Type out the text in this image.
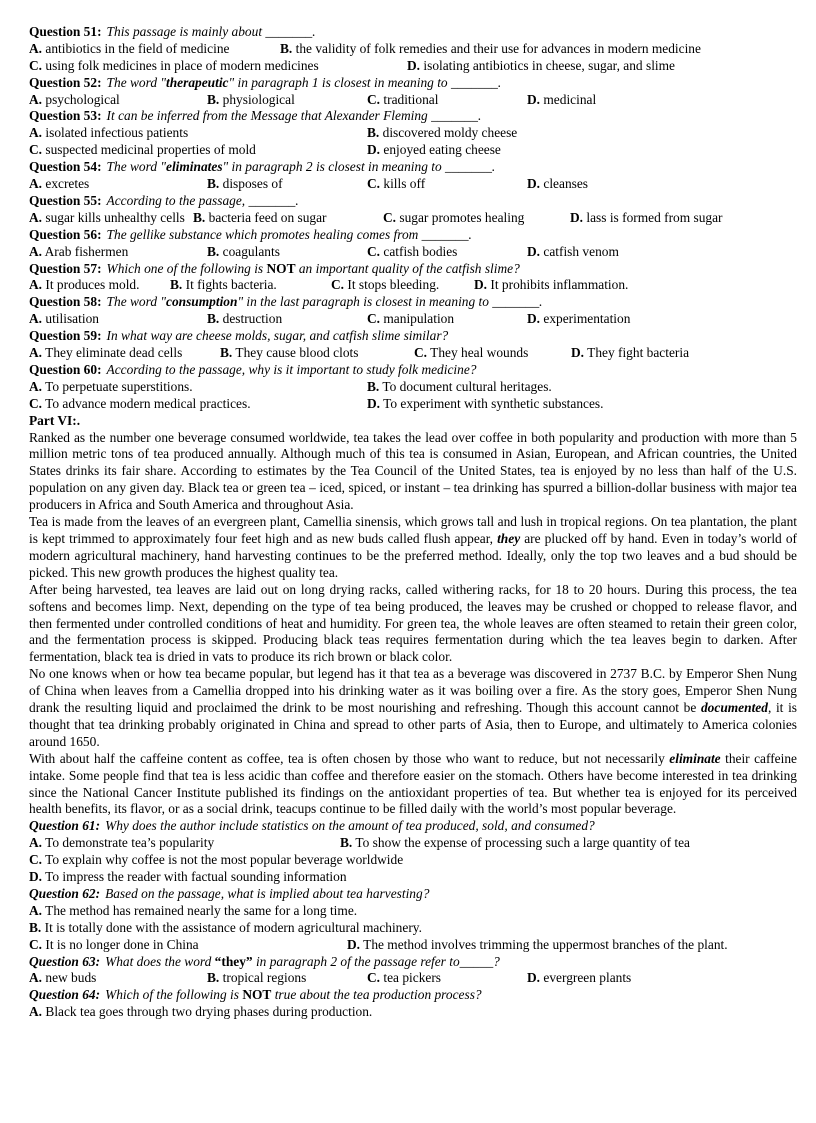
Question 51: This passage is mainly about _______.
A. antibiotics in the field of medicine	B. the validity of folk remedies and their use for advances in modern medicine
C. using folk medicines in place of modern medicines	D. isolating antibiotics in cheese, sugar, and slime
Question 52: The word "therapeutic" in paragraph 1 is closest in meaning to _______.
A. psychological	B. physiological	C. traditional	D. medicinal
Question 53: It can be inferred from the Message that Alexander Fleming _______.
A. isolated infectious patients	B. discovered moldy cheese
C. suspected medicinal properties of mold	D. enjoyed eating cheese
Question 54: The word "eliminates" in paragraph 2 is closest in meaning to _______.
A. excretes	B. disposes of	C. kills off	D. cleanses
Question 55: According to the passage, _______.
A. sugar kills unhealthy cells B. bacteria feed on sugar	C. sugar promotes healing	D. lass is formed from sugar
Question 56: The gellike substance which promotes healing comes from _______.
A. Arab fishermen	B. coagulants	C. catfish bodies	D. catfish venom
Question 57: Which one of the following is NOT an important quality of the catfish slime?
A. It produces mold. B. It fights bacteria.	C. It stops bleeding.	D. It prohibits inflammation.
Question 58: The word "consumption" in the last paragraph is closest in meaning to _______.
A. utilisation	B. destruction	C. manipulation	D. experimentation
Question 59: In what way are cheese molds, sugar, and catfish slime similar?
A. They eliminate dead cells	B. They cause blood clots	C. They heal wounds	D. They fight bacteria
Question 60: According to the passage, why is it important to study folk medicine?
A. To perpetuate superstitions.	B. To document cultural heritages.
C. To advance modern medical practices.	D. To experiment with synthetic substances.
Part VI:.

Ranked as the number one beverage consumed worldwide, tea takes the lead over coffee in both popularity and production with more than 5 million metric tons of tea produced annually. Although much of this tea is consumed in Asian, European, and African countries, the United States drinks its fair share. According to estimates by the Tea Council of the United States, tea is enjoyed by no less than half of the U.S. population on any given day. Black tea or green tea – iced, spiced, or instant – tea drinking has spurred a billion-dollar business with major tea producers in Africa and South America and throughout Asia.

Tea is made from the leaves of an evergreen plant, Camellia sinensis, which grows tall and lush in tropical regions. On tea plantation, the plant is kept trimmed to approximately four feet high and as new buds called flush appear, they are plucked off by hand. Even in today’s world of modern agricultural machinery, hand harvesting continues to be the preferred method. Ideally, only the top two leaves and a bud should be picked. This new growth produces the highest quality tea.

After being harvested, tea leaves are laid out on long drying racks, called withering racks, for 18 to 20 hours. During this process, the tea softens and becomes limp. Next, depending on the type of tea being produced, the leaves may be crushed or chopped to release flavor, and then fermented under controlled conditions of heat and humidity. For green tea, the whole leaves are often steamed to retain their green color, and the fermentation process is skipped. Producing black teas requires fermentation during which the tea leaves begin to darken. After fermentation, black tea is dried in vats to produce its rich brown or black color.

No one knows when or how tea became popular, but legend has it that tea as a beverage was discovered in 2737 B.C. by Emperor Shen Nung of China when leaves from a Camellia dropped into his drinking water as it was boiling over a fire. As the story goes, Emperor Shen Nung drank the resulting liquid and proclaimed the drink to be most nourishing and refreshing. Though this account cannot be documented, it is thought that tea drinking probably originated in China and spread to other parts of Asia, then to Europe, and ultimately to America colonies around 1650.

With about half the caffeine content as coffee, tea is often chosen by those who want to reduce, but not necessarily eliminate their caffeine intake. Some people find that tea is less acidic than coffee and therefore easier on the stomach. Others have become interested in tea drinking since the National Cancer Institute published its findings on the antioxidant properties of tea. But whether tea is enjoyed for its perceived health benefits, its flavor, or as a social drink, teacups continue to be filled daily with the world’s most popular beverage.

Question 61: Why does the author include statistics on the amount of tea produced, sold, and consumed?
A. To demonstrate tea’s popularity	B. To show the expense of processing such a large quantity of tea
C. To explain why coffee is not the most popular beverage worldwide
D. To impress the reader with factual sounding information
Question 62: Based on the passage, what is implied about tea harvesting?
A. The method has remained nearly the same for a long time.
B. It is totally done with the assistance of modern agricultural machinery.
C. It is no longer done in China	D. The method involves trimming the uppermost branches of the plant.
Question 63: What does the word “they” in paragraph 2 of the passage refer to_____?
A. new buds	B. tropical regions	C. tea pickers	D. evergreen plants
Question 64: Which of the following is NOT true about the tea production process?
A. Black tea goes through two drying phases during production.
